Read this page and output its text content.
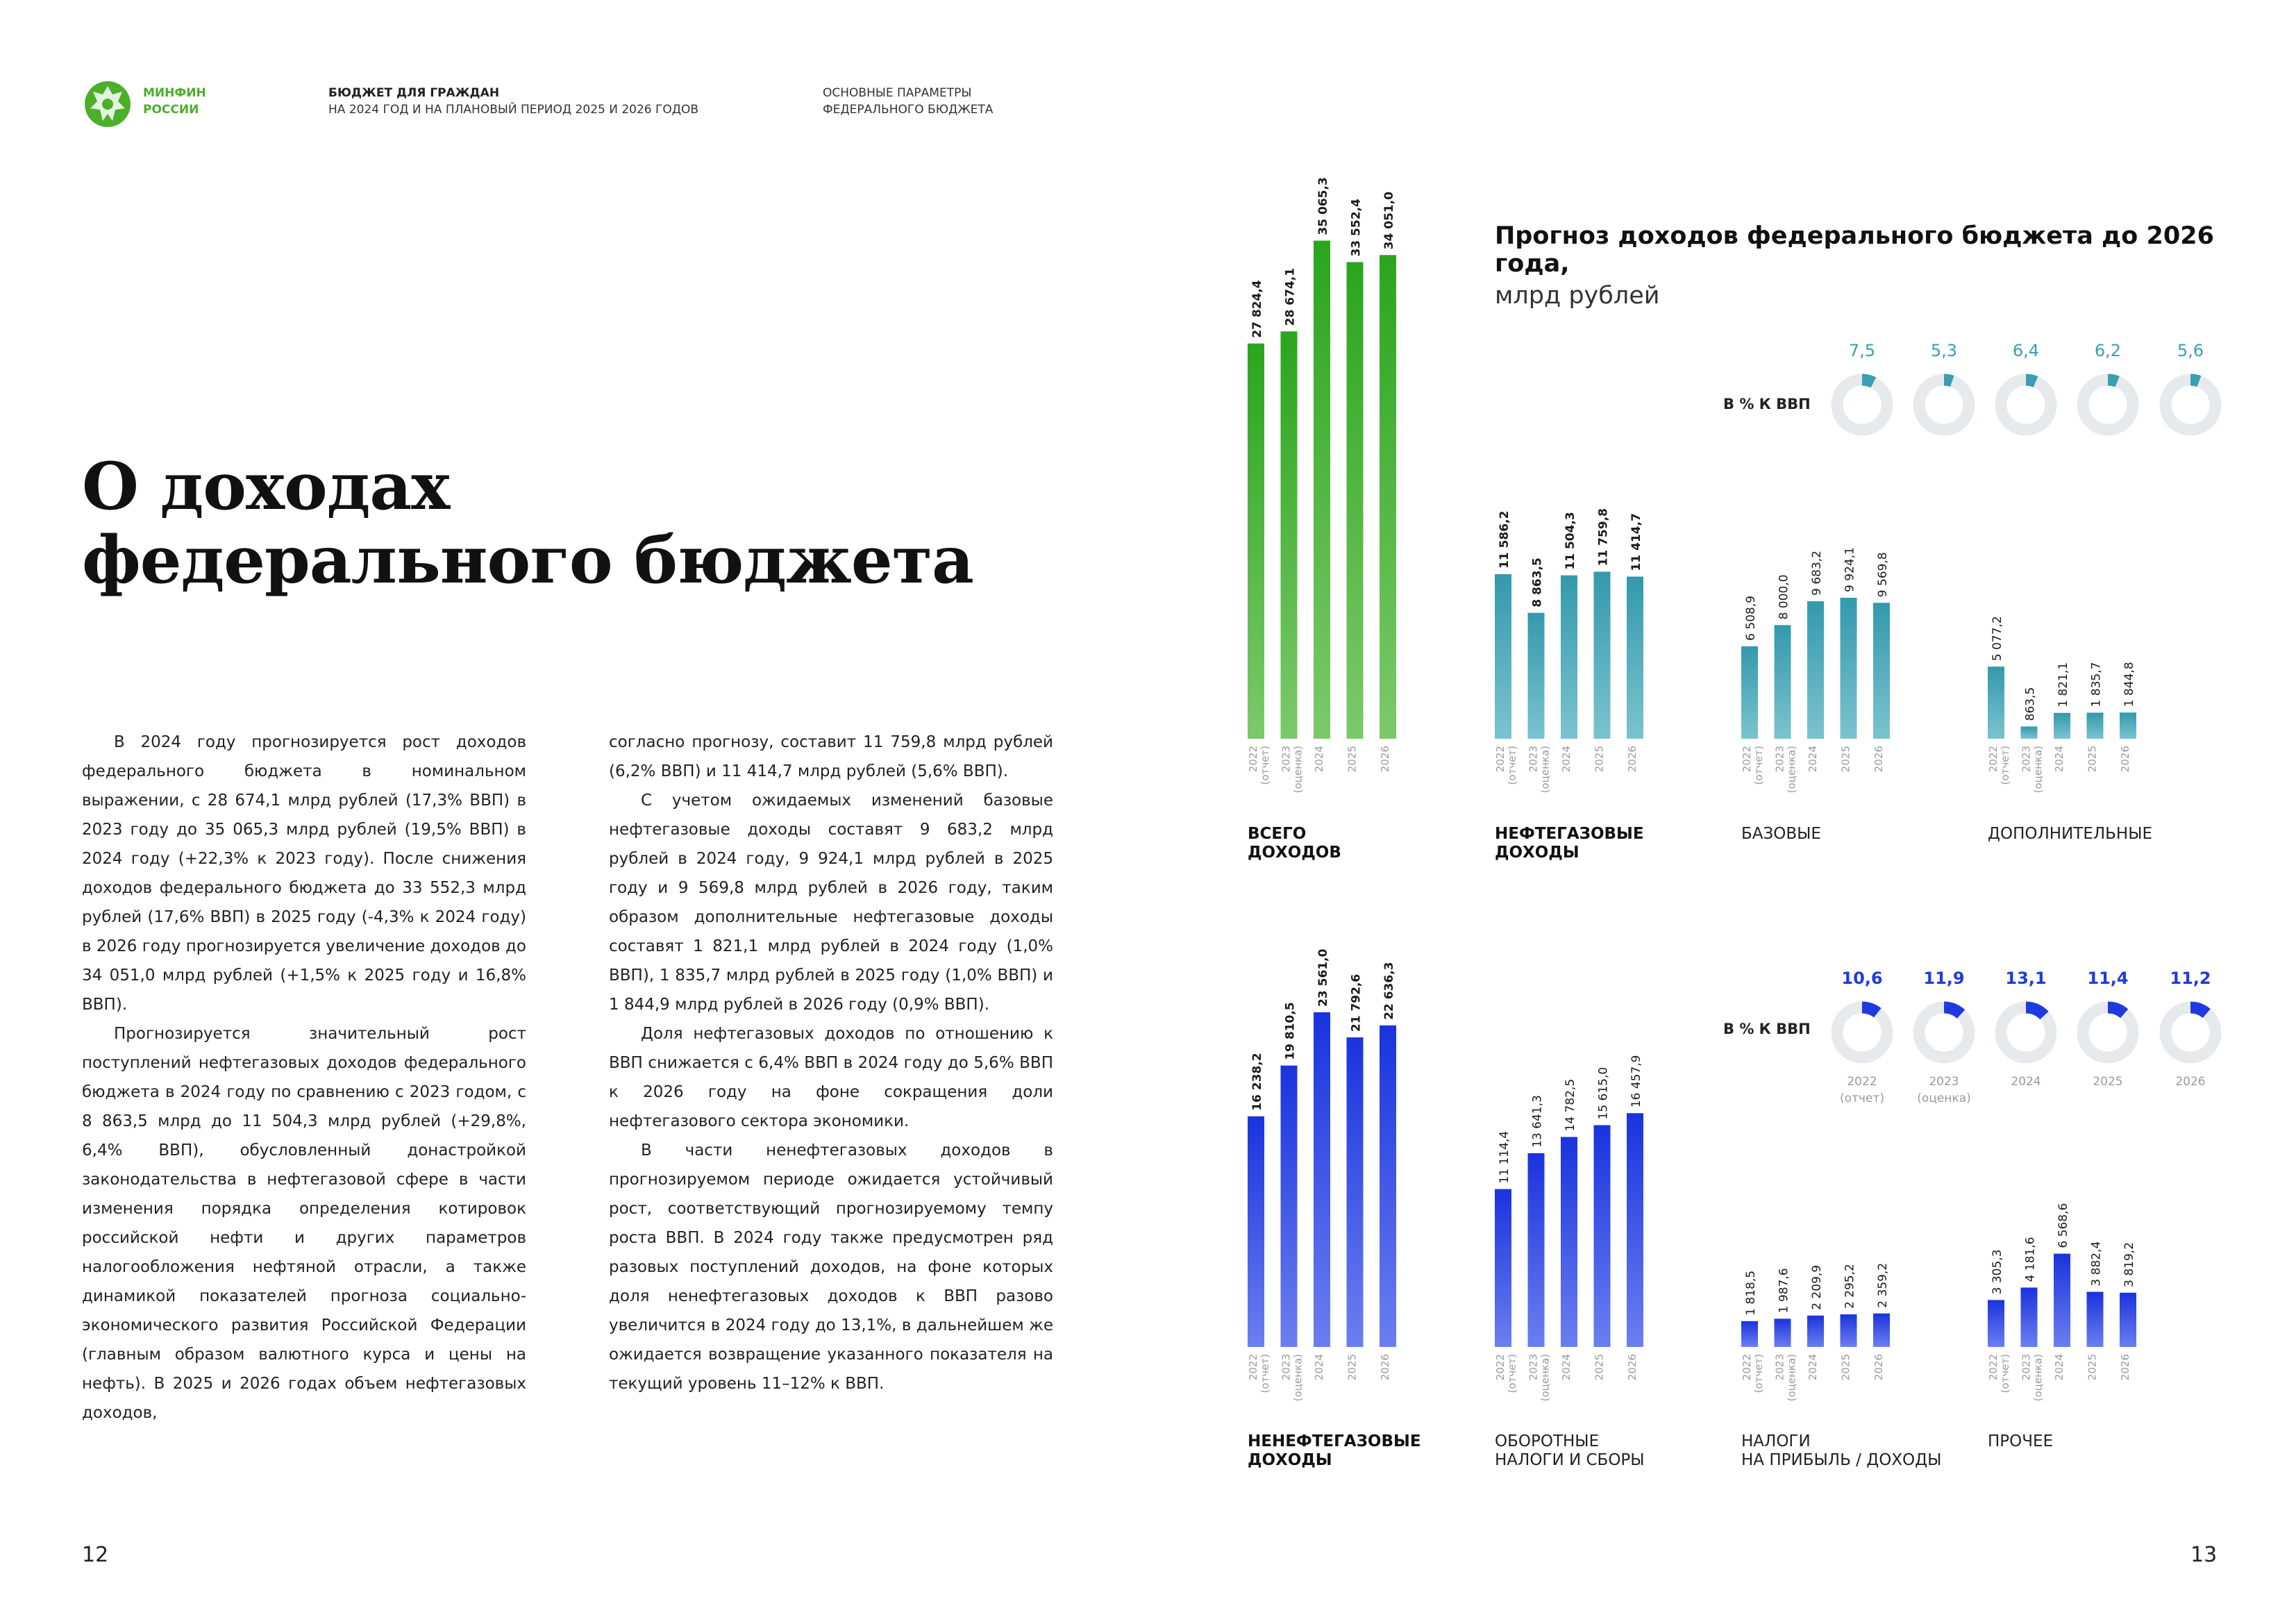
МИНФИН
РОССИИ
БЮДЖЕТ ДЛЯ ГРАЖДАН
НА 2024 ГОД И НА ПЛАНОВЫЙ ПЕРИОД 2025 И 2026 ГОДОВ
ОСНОВНЫЕ ПАРАМЕТРЫ
ФЕДЕРАЛЬНОГО БЮДЖЕТА
О доходах
федерального бюджета

В 2024 году прогнозируется рост доходов федерального бюджета в номинальном выражении, с 28 674,1 млрд рублей (17,3% ВВП) в 2023 году до 35 065,3 млрд рублей (19,5% ВВП) в 2024 году (+22,3% к 2023 году). После снижения доходов федерального бюджета до 33 552,3 млрд рублей (17,6% ВВП) в 2025 году (-4,3% к 2024 году) в 2026 году прогнозируется увеличение доходов до 34 051,0 млрд рублей (+1,5% к 2025 году и 16,8% ВВП).

Прогнозируется значительный рост поступлений нефтегазовых доходов федерального бюджета в 2024 году по сравнению с 2023 годом, с 8 863,5 млрд до 11 504,3 млрд рублей (+29,8%, 6,4% ВВП), обусловленный донастройкой законодательства в нефтегазовой сфере в части изменения порядка определения котировок российской нефти и других параметров налогообложения нефтяной отрасли, а также динамикой показателей прогноза социально-экономического развития Российской Федерации (главным образом валютного курса и цены на нефть). В 2025 и 2026 годах объем нефтегазовых доходов,

согласно прогнозу, составит 11 759,8 млрд рублей (6,2% ВВП) и 11 414,7 млрд рублей (5,6% ВВП).

С учетом ожидаемых изменений базовые нефтегазовые доходы составят 9 683,2 млрд рублей в 2024 году, 9 924,1 млрд рублей в 2025 году и 9 569,8 млрд рублей в 2026 году, таким образом дополнительные нефтегазовые доходы составят 1 821,1 млрд рублей в 2024 году (1,0% ВВП), 1 835,7 млрд рублей в 2025 году (1,0% ВВП) и 1 844,9 млрд рублей в 2026 году (0,9% ВВП).

Доля нефтегазовых доходов по отношению к ВВП снижается с 6,4% ВВП в 2024 году до 5,6% ВВП к 2026 году на фоне сокращения доли нефтегазового сектора экономики.

В части ненефтегазовых доходов в прогнозируемом периоде ожидается устойчивый рост, соответствующий прогнозируемому темпу роста ВВП. В 2024 году также предусмотрен ряд разовых поступлений доходов, на фоне которых доля ненефтегазовых доходов к ВВП разово увеличится в 2024 году до 13,1%, в дальнейшем же ожидается возвращение указанного показателя на текущий уровень 11–12% к ВВП.

12	13
Прогноз доходов федерального бюджета до 2026 года,
млрд рублей
В % К ВВП
В % К ВВП
ВСЕГО
ДОХОДОВ
НЕФТЕГАЗОВЫЕ
ДОХОДЫ
БАЗОВЫЕ	ДОПОЛНИТЕЛЬНЫЕ
НЕНЕФТЕГАЗОВЫЕ
ДОХОДЫ
ОБОРОТНЫЕ
НАЛОГИ И СБОРЫ
НАЛОГИ
НА ПРИБЫЛЬ / ДОХОДЫ
ПРОЧЕЕ
27 824,4
2022 (отчет)
28 674,1
2023 (оценка)
35 065,3
2024
33 552,4
2025
34 051,0
2026
11 586,2
2022 (отчет)
8 863,5
2023 (оценка)
11 504,3
2024
11 759,8
2025
11 414,7
2026
6 508,9
2022 (отчет)
8 000,0
2023 (оценка)
9 683,2
2024
9 924,1
2025
9 569,8
2026
5 077,2
2022 (отчет)
863,5
2023 (оценка)
1 821,1
2024
1 835,7
2025
1 844,8
2026
16 238,2
2022 (отчет)
19 810,5
2023 (оценка)
23 561,0
2024
21 792,6
2025
22 636,3
2026
11 114,4
2022 (отчет)
13 641,3
2023 (оценка)
14 782,5
2024
15 615,0
2025
16 457,9
2026
1 818,5
2022 (отчет)
1 987,6
2023 (оценка)
2 209,9
2024
2 295,2
2025
2 359,2
2026
3 305,3
2022 (отчет)
4 181,6
2023 (оценка)
6 568,6
2024
3 882,4
2025
3 819,2
2026
7,5	5,3	6,4	6,2	5,6
10,6
2022
(отчет)
11,9
2023
(оценка)
13,1
2024
11,4
2025
11,2
2026
